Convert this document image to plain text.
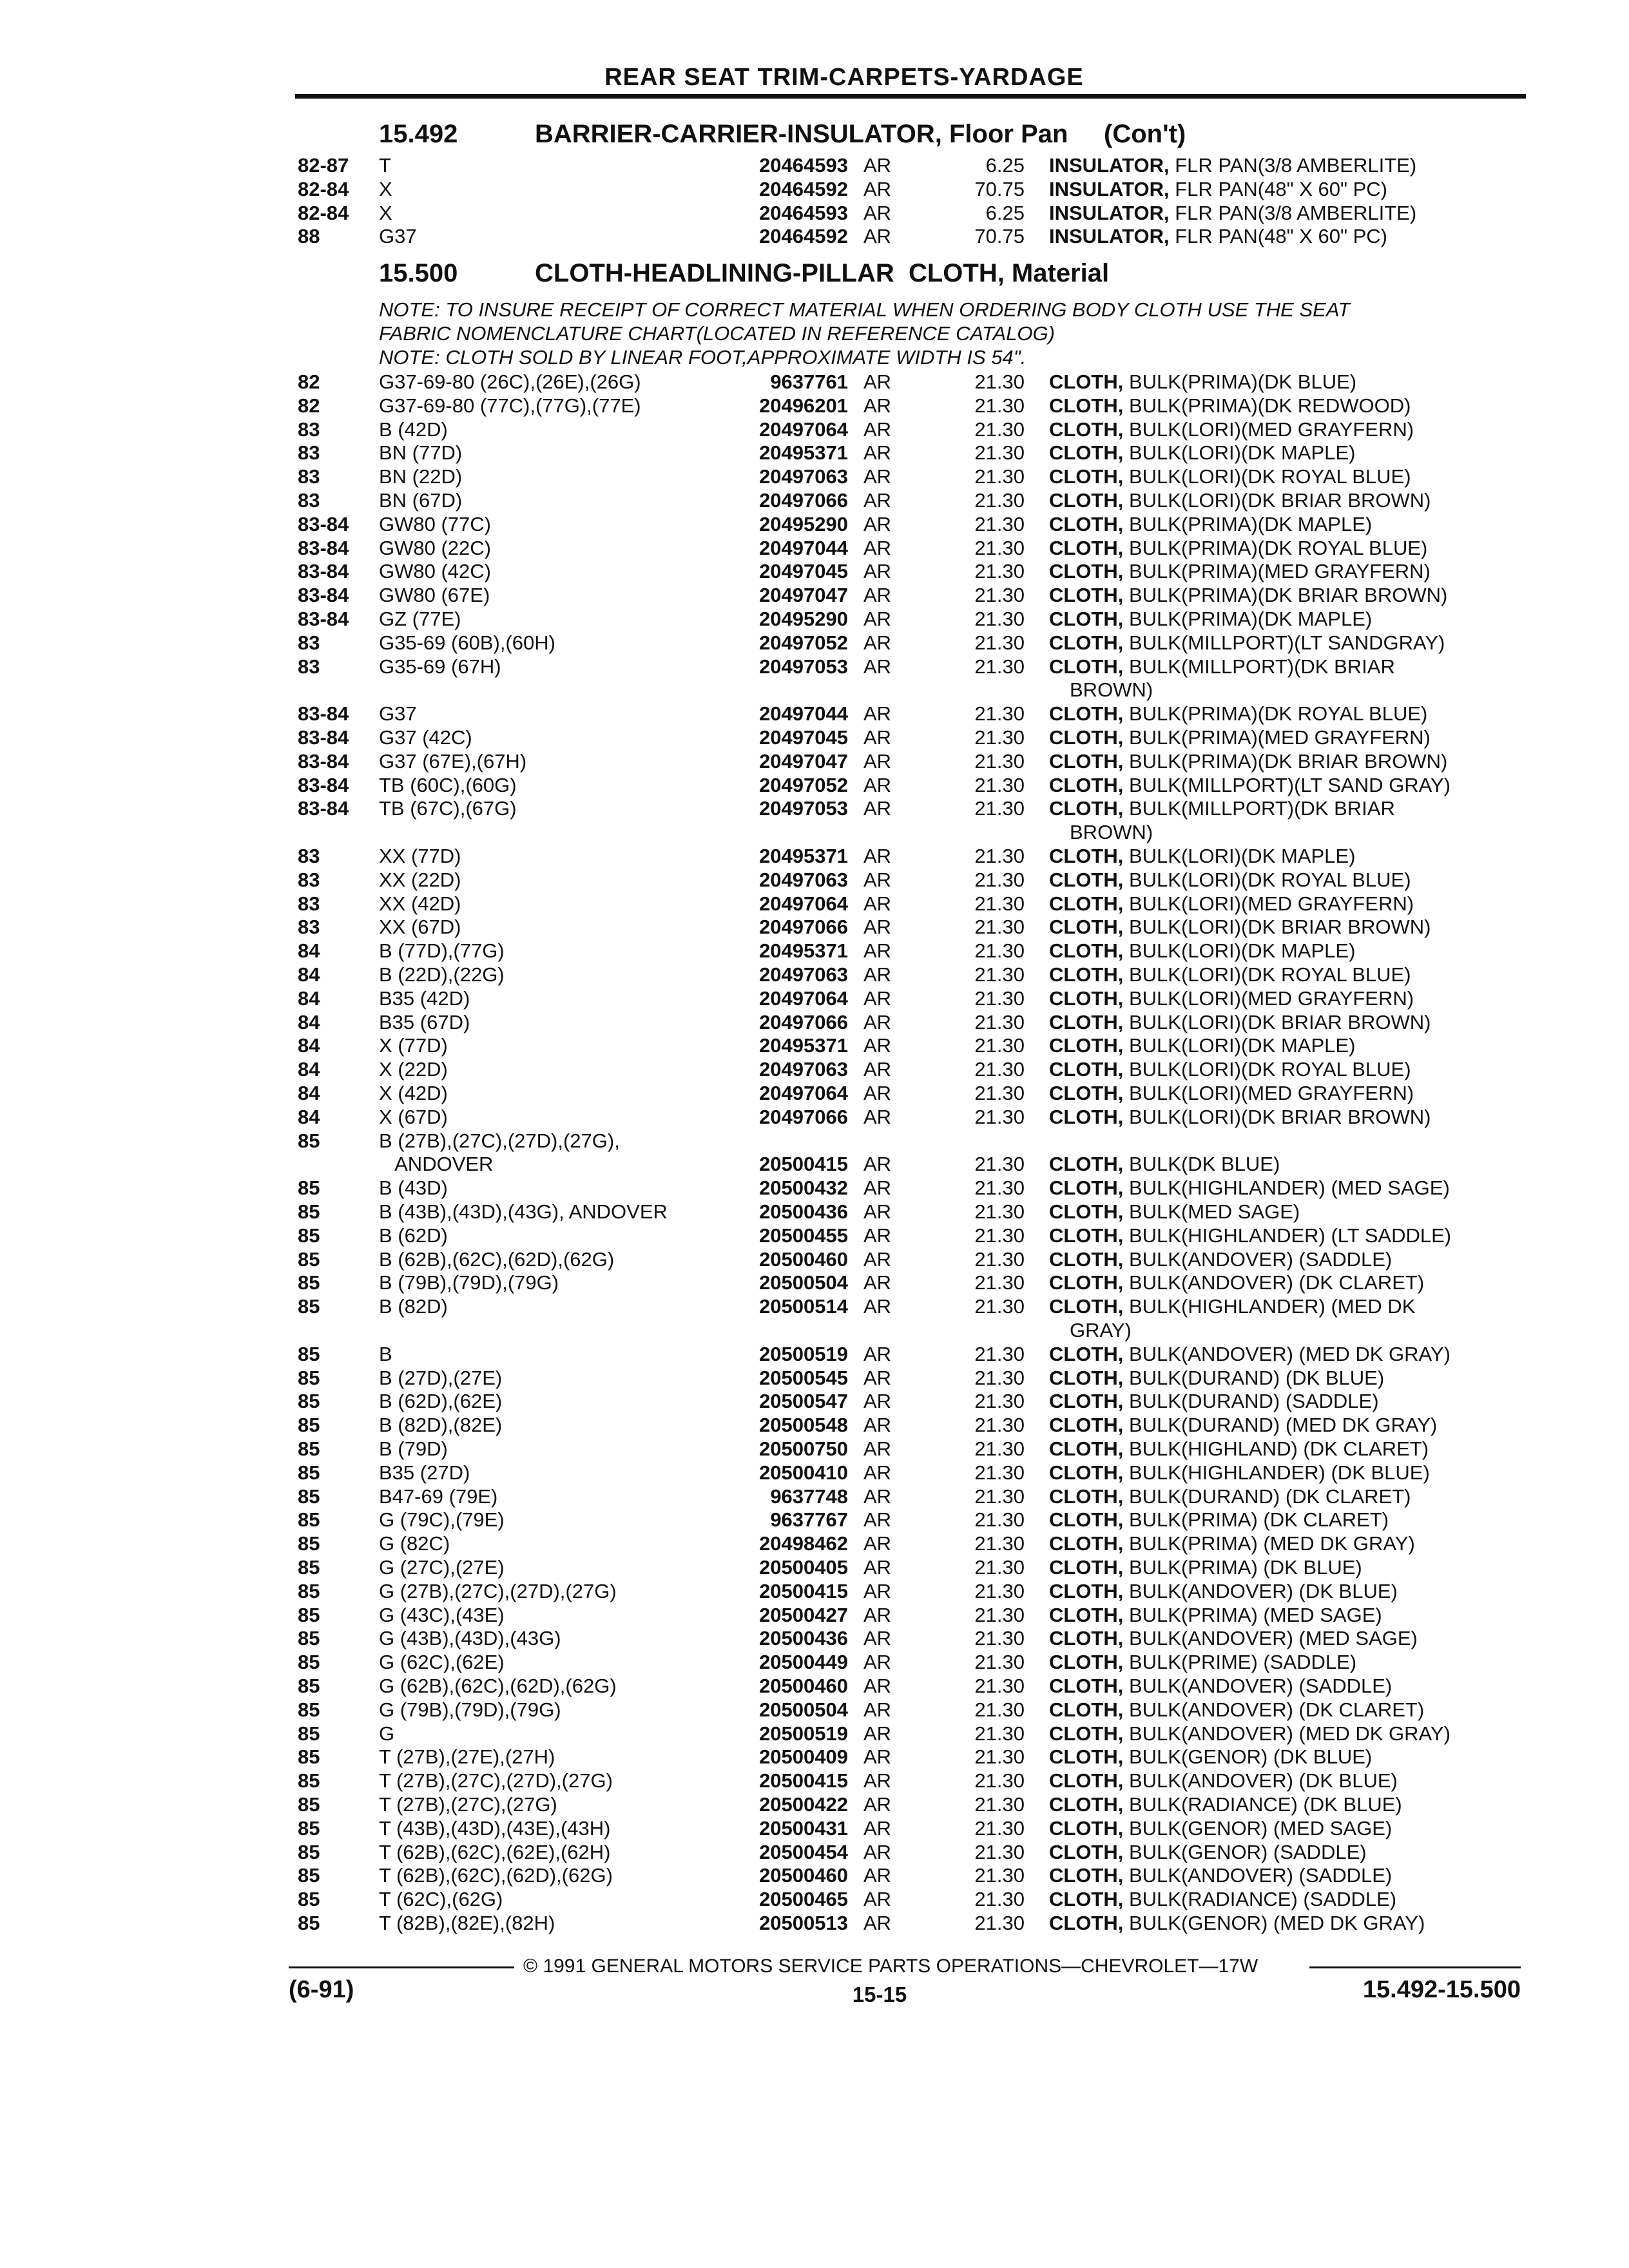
REAR SEAT TRIM-CARPETS-YARDAGE
15.492	BARRIER-CARRIER-INSULATOR, Floor Pan (Con't)
15.500	CLOTH-HEADLINING-PILLAR CLOTH, Material
NOTE: TO INSURE RECEIPT OF CORRECT MATERIAL WHEN ORDERING BODY CLOTH USE THE SEAT
FABRIC NOMENCLATURE CHART(LOCATED IN REFERENCE CATALOG)
NOTE: CLOTH SOLD BY LINEAR FOOT,APPROXIMATE WIDTH IS 54".
82-87 T	20464593 AR	6.25 INSULATOR, FLR PAN(3/8 AMBERLITE)
82-84 X	20464592 AR	70.75 INSULATOR, FLR PAN(48" X 60" PC)
82-84 X	20464593 AR	6.25 INSULATOR, FLR PAN(3/8 AMBERLITE)
88	G37	20464592 AR	70.75 INSULATOR, FLR PAN(48" X 60" PC)
82	G37-69-80 (26C),(26E),(26G)	9637761 AR	21.30 CLOTH, BULK(PRIMA)(DK BLUE)
82	G37-69-80 (77C),(77G),(77E)	20496201 AR	21.30 CLOTH, BULK(PRIMA)(DK REDWOOD)
83	B (42D)	20497064 AR	21.30 CLOTH, BULK(LORI)(MED GRAYFERN)
83	BN (77D)	20495371 AR	21.30 CLOTH, BULK(LORI)(DK MAPLE)
83	BN (22D)	20497063 AR	21.30 CLOTH, BULK(LORI)(DK ROYAL BLUE)
83	BN (67D)	20497066 AR	21.30 CLOTH, BULK(LORI)(DK BRIAR BROWN)
83-84 GW80 (77C)	20495290 AR	21.30 CLOTH, BULK(PRIMA)(DK MAPLE)
83-84 GW80 (22C)	20497044 AR	21.30 CLOTH, BULK(PRIMA)(DK ROYAL BLUE)
83-84 GW80 (42C)	20497045 AR	21.30 CLOTH, BULK(PRIMA)(MED GRAYFERN)
83-84 GW80 (67E)	20497047 AR	21.30 CLOTH, BULK(PRIMA)(DK BRIAR BROWN)
83-84 GZ (77E)	20495290 AR	21.30 CLOTH, BULK(PRIMA)(DK MAPLE)
83	G35-69 (60B),(60H)	20497052 AR	21.30 CLOTH, BULK(MILLPORT)(LT SANDGRAY)
83	G35-69 (67H)	20497053 AR	21.30 CLOTH, BULK(MILLPORT)(DK BRIAR
BROWN)
83-84 G37	20497044 AR	21.30 CLOTH, BULK(PRIMA)(DK ROYAL BLUE)
83-84 G37 (42C)	20497045 AR	21.30 CLOTH, BULK(PRIMA)(MED GRAYFERN)
83-84 G37 (67E),(67H)	20497047 AR	21.30 CLOTH, BULK(PRIMA)(DK BRIAR BROWN)
83-84 TB (60C),(60G)	20497052 AR	21.30 CLOTH, BULK(MILLPORT)(LT SAND GRAY)
83-84 TB (67C),(67G)	20497053 AR	21.30 CLOTH, BULK(MILLPORT)(DK BRIAR
BROWN)
83	XX (77D)	20495371 AR	21.30 CLOTH, BULK(LORI)(DK MAPLE)
83	XX (22D)	20497063 AR	21.30 CLOTH, BULK(LORI)(DK ROYAL BLUE)
83	XX (42D)	20497064 AR	21.30 CLOTH, BULK(LORI)(MED GRAYFERN)
83	XX (67D)	20497066 AR	21.30 CLOTH, BULK(LORI)(DK BRIAR BROWN)
84	B (77D),(77G)	20495371 AR	21.30 CLOTH, BULK(LORI)(DK MAPLE)
84	B (22D),(22G)	20497063 AR	21.30 CLOTH, BULK(LORI)(DK ROYAL BLUE)
84	B35 (42D)	20497064 AR	21.30 CLOTH, BULK(LORI)(MED GRAYFERN)
84	B35 (67D)	20497066 AR	21.30 CLOTH, BULK(LORI)(DK BRIAR BROWN)
84	X (77D)	20495371 AR	21.30 CLOTH, BULK(LORI)(DK MAPLE)
84	X (22D)	20497063 AR	21.30 CLOTH, BULK(LORI)(DK ROYAL BLUE)
84	X (42D)	20497064 AR	21.30 CLOTH, BULK(LORI)(MED GRAYFERN)
84	X (67D)	20497066 AR	21.30 CLOTH, BULK(LORI)(DK BRIAR BROWN)
85	B (27B),(27C),(27D),(27G),
ANDOVER	20500415 AR	21.30 CLOTH, BULK(DK BLUE)
85	B (43D)	20500432 AR	21.30 CLOTH, BULK(HIGHLANDER) (MED SAGE)
85	B (43B),(43D),(43G), ANDOVER	20500436 AR	21.30 CLOTH, BULK(MED SAGE)
85	B (62D)	20500455 AR	21.30 CLOTH, BULK(HIGHLANDER) (LT SADDLE)
85	B (62B),(62C),(62D),(62G)	20500460 AR	21.30 CLOTH, BULK(ANDOVER) (SADDLE)
85	B (79B),(79D),(79G)	20500504 AR	21.30 CLOTH, BULK(ANDOVER) (DK CLARET)
85	B (82D)	20500514 AR	21.30 CLOTH, BULK(HIGHLANDER) (MED DK
GRAY)
85	B	20500519 AR	21.30 CLOTH, BULK(ANDOVER) (MED DK GRAY)
85	B (27D),(27E)	20500545 AR	21.30 CLOTH, BULK(DURAND) (DK BLUE)
85	B (62D),(62E)	20500547 AR	21.30 CLOTH, BULK(DURAND) (SADDLE)
85	B (82D),(82E)	20500548 AR	21.30 CLOTH, BULK(DURAND) (MED DK GRAY)
85	B (79D)	20500750 AR	21.30 CLOTH, BULK(HIGHLAND) (DK CLARET)
85	B35 (27D)	20500410 AR	21.30 CLOTH, BULK(HIGHLANDER) (DK BLUE)
85	B47-69 (79E)	9637748 AR	21.30 CLOTH, BULK(DURAND) (DK CLARET)
85	G (79C),(79E)	9637767 AR	21.30 CLOTH, BULK(PRIMA) (DK CLARET)
85	G (82C)	20498462 AR	21.30 CLOTH, BULK(PRIMA) (MED DK GRAY)
85	G (27C),(27E)	20500405 AR	21.30 CLOTH, BULK(PRIMA) (DK BLUE)
85	G (27B),(27C),(27D),(27G)	20500415 AR	21.30 CLOTH, BULK(ANDOVER) (DK BLUE)
85	G (43C),(43E)	20500427 AR	21.30 CLOTH, BULK(PRIMA) (MED SAGE)
85	G (43B),(43D),(43G)	20500436 AR	21.30 CLOTH, BULK(ANDOVER) (MED SAGE)
85	G (62C),(62E)	20500449 AR	21.30 CLOTH, BULK(PRIME) (SADDLE)
85	G (62B),(62C),(62D),(62G)	20500460 AR	21.30 CLOTH, BULK(ANDOVER) (SADDLE)
85	G (79B),(79D),(79G)	20500504 AR	21.30 CLOTH, BULK(ANDOVER) (DK CLARET)
85	G	20500519 AR	21.30 CLOTH, BULK(ANDOVER) (MED DK GRAY)
85	T (27B),(27E),(27H)	20500409 AR	21.30 CLOTH, BULK(GENOR) (DK BLUE)
85	T (27B),(27C),(27D),(27G)	20500415 AR	21.30 CLOTH, BULK(ANDOVER) (DK BLUE)
85	T (27B),(27C),(27G)	20500422 AR	21.30 CLOTH, BULK(RADIANCE) (DK BLUE)
85	T (43B),(43D),(43E),(43H)	20500431 AR	21.30 CLOTH, BULK(GENOR) (MED SAGE)
85	T (62B),(62C),(62E),(62H)	20500454 AR	21.30 CLOTH, BULK(GENOR) (SADDLE)
85	T (62B),(62C),(62D),(62G)	20500460 AR	21.30 CLOTH, BULK(ANDOVER) (SADDLE)
85	T (62C),(62G)	20500465 AR	21.30 CLOTH, BULK(RADIANCE) (SADDLE)
85	T (82B),(82E),(82H)	20500513 AR	21.30 CLOTH, BULK(GENOR) (MED DK GRAY)
© 1991 GENERAL MOTORS SERVICE PARTS OPERATIONS—CHEVROLET—17W
(6-91)	15-15	15.492-15.500
